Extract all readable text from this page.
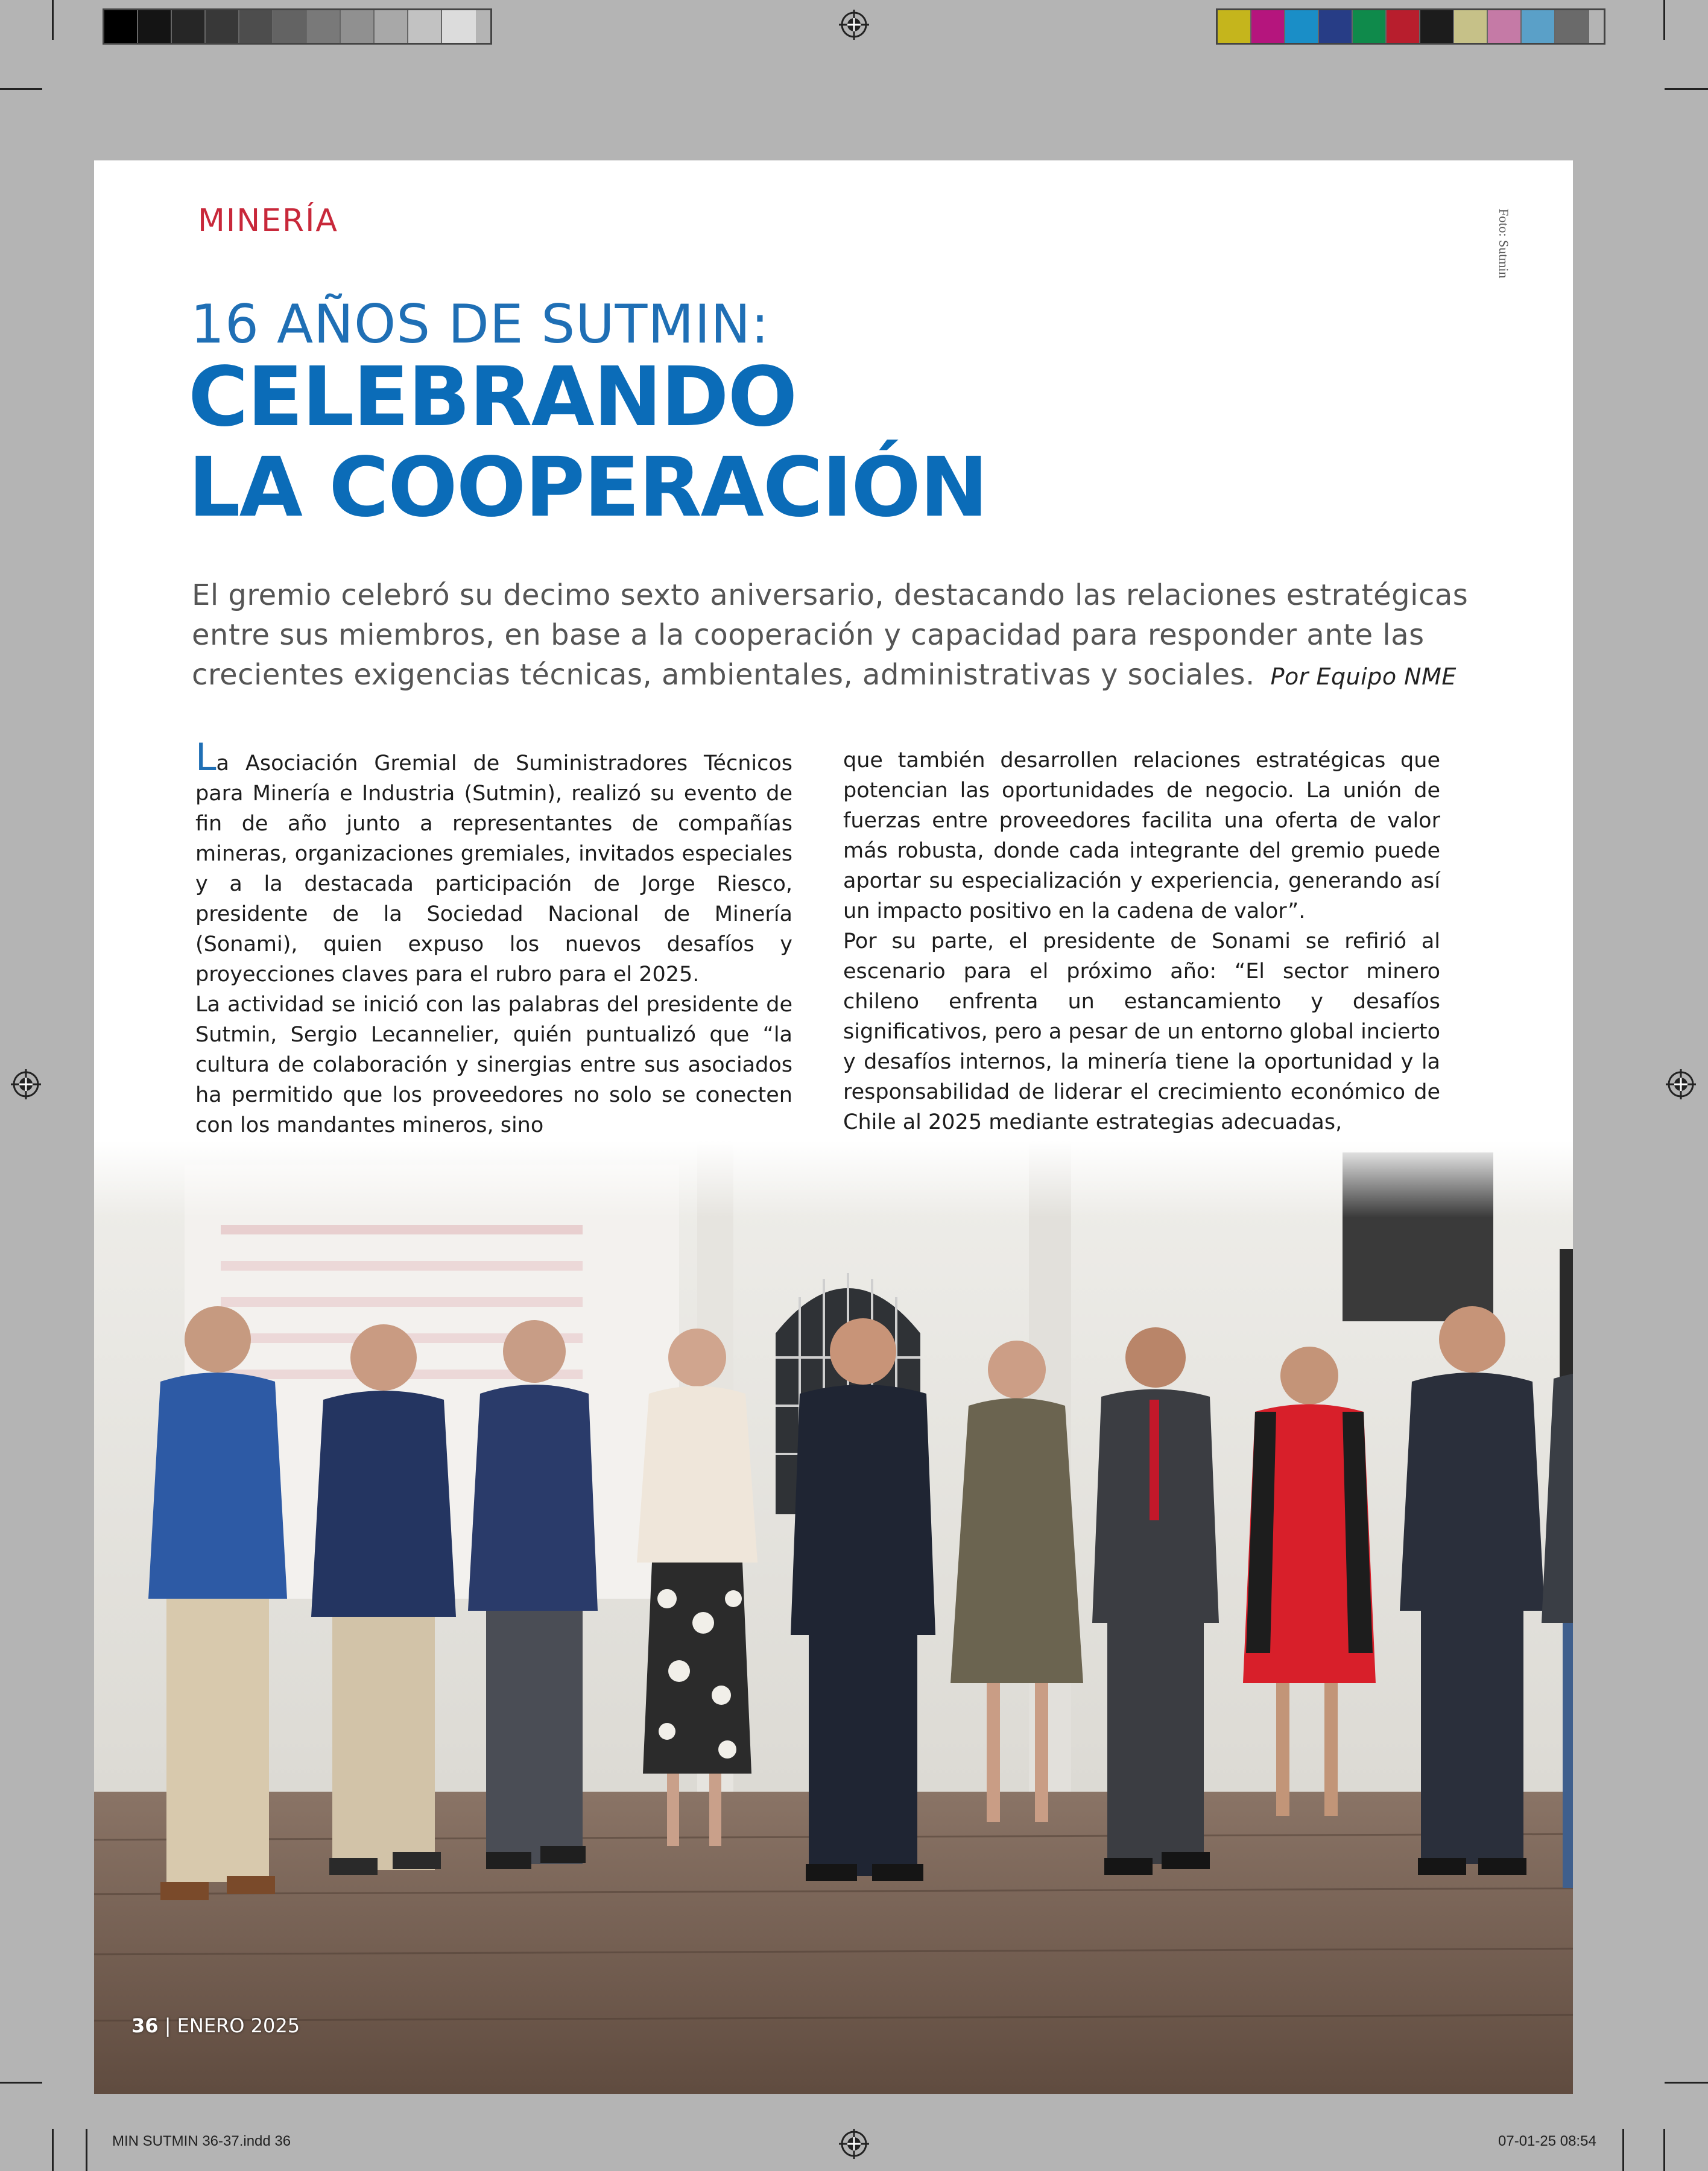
MINERÍA	Foto: Sutmin
16 AÑOS DE SUTMIN:
CELEBRANDO
LA COOPERACIÓN
El gremio celebró su decimo sexto aniversario, destacando las relaciones estratégicas entre sus miembros, en base a la cooperación y capacidad para responder ante las crecientes exigencias técnicas, ambientales, administrativas y sociales. Por Equipo NME

La Asociación Gremial de Suministradores Técnicos para Minería e Industria (Sutmin), realizó su evento de fin de año junto a representantes de compañías mineras, organizaciones gremiales, invitados especiales y a la destacada participación de Jorge Riesco, presidente de la Sociedad Nacional de Minería (Sonami), quien expuso los nuevos desafíos y proyecciones claves para el rubro para el 2025.

La actividad se inició con las palabras del presidente de Sutmin, Sergio Lecannelier, quién puntualizó que “la cultura de colaboración y sinergias entre sus asociados ha permitido que los proveedores no solo se conecten con los mandantes mineros, sino

que también desarrollen relaciones estratégicas que potencian las oportunidades de negocio. La unión de fuerzas entre proveedores facilita una oferta de valor más robusta, donde cada integrante del gremio puede aportar su especialización y experiencia, generando así un impacto positivo en la cadena de valor”.

Por su parte, el presidente de Sonami se refirió al escenario para el próximo año: “El sector minero chileno enfrenta un estancamiento y desafíos significativos, pero a pesar de un entorno global incierto y desafíos internos, la minería tiene la oportunidad y la responsabilidad de liderar el crecimiento económico de Chile al 2025 mediante estrategias adecuadas,

36 | ENERO 2025
MIN SUTMIN 36-37.indd 36	07-01-25 08:54
